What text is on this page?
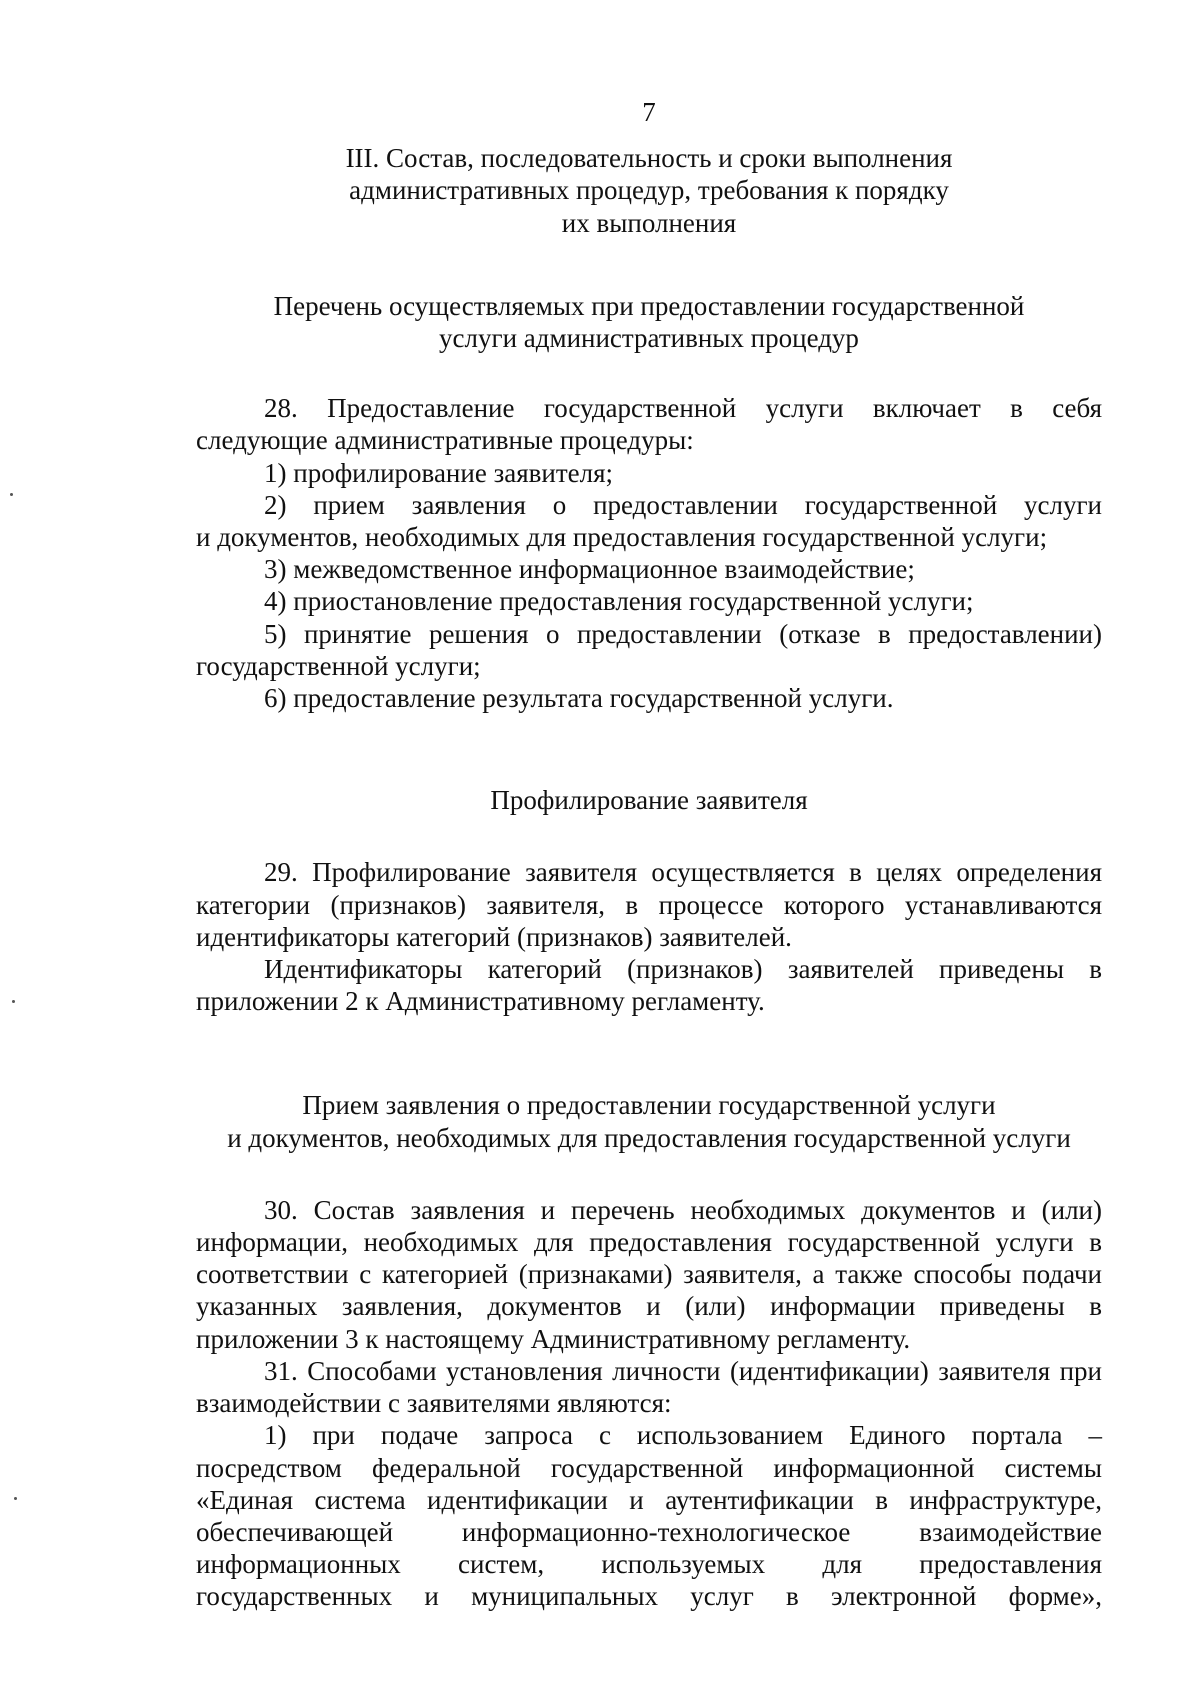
7
III. Состав, последовательность и сроки выполнения
административных процедур, требования к порядку
их выполнения
Перечень осуществляемых при предоставлении государственной
услуги административных процедур
28. Предоставление государственной услуги включает в себя
следующие административные процедуры:
1) профилирование заявителя;
2) прием заявления о предоставлении государственной услуги
и документов, необходимых для предоставления государственной услуги;
3) межведомственное информационное взаимодействие;
4) приостановление предоставления государственной услуги;
5) принятие решения о предоставлении (отказе в предоставлении)
государственной услуги;
6) предоставление результата государственной услуги.
Профилирование заявителя
29. Профилирование заявителя осуществляется в целях определения
категории (признаков) заявителя, в процессе которого устанавливаются
идентификаторы категорий (признаков) заявителей.
Идентификаторы категорий (признаков) заявителей приведены в
приложении 2 к Административному регламенту.
Прием заявления о предоставлении государственной услуги
и документов, необходимых для предоставления государственной услуги
30. Состав заявления и перечень необходимых документов и (или)
информации, необходимых для предоставления государственной услуги в
соответствии с категорией (признаками) заявителя, а также способы подачи
указанных заявления, документов и (или) информации приведены в
приложении 3 к настоящему Административному регламенту.
31. Способами установления личности (идентификации) заявителя при
взаимодействии с заявителями являются:
1) при подаче запроса с использованием Единого портала –
посредством федеральной государственной информационной системы
«Единая система идентификации и аутентификации в инфраструктуре,
обеспечивающей информационно-технологическое взаимодействие
информационных систем, используемых для предоставления
государственных и муниципальных услуг в электронной форме»,
